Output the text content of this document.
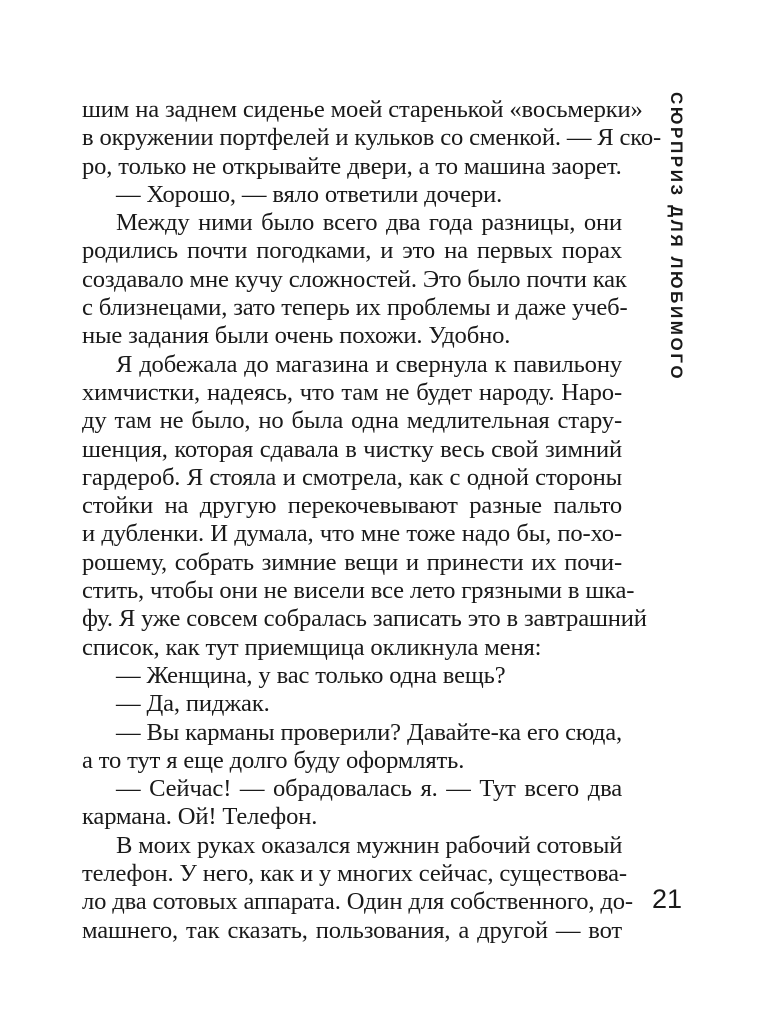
шим на заднем сиденье моей старенькой «восьмерки»
в окружении портфелей и кульков со сменкой. — Я ско-
ро, только не открывайте двери, а то машина заорет.
— Хорошо, — вяло ответили дочери.
Между ними было всего два года разницы, они
родились почти погодками, и это на первых порах
создавало мне кучу сложностей. Это было почти как
с близнецами, зато теперь их проблемы и даже учеб-
ные задания были очень похожи. Удобно.
Я добежала до магазина и свернула к павильону
химчистки, надеясь, что там не будет народу. Наро-
ду там не было, но была одна медлительная стару-
шенция, которая сдавала в чистку весь свой зимний
гардероб. Я стояла и смотрела, как с одной стороны
стойки на другую перекочевывают разные пальто
и дубленки. И думала, что мне тоже надо бы, по-хо-
рошему, собрать зимние вещи и принести их почи-
стить, чтобы они не висели все лето грязными в шка-
фу. Я уже совсем собралась записать это в завтрашний
список, как тут приемщица окликнула меня:
— Женщина, у вас только одна вещь?
— Да, пиджак.
— Вы карманы проверили? Давайте-ка его сюда,
а то тут я еще долго буду оформлять.
— Сейчас! — обрадовалась я. — Тут всего два
кармана. Ой! Телефон.
В моих руках оказался мужнин рабочий сотовый
телефон. У него, как и у многих сейчас, существова-
ло два сотовых аппарата. Один для собственного, до-
машнего, так сказать, пользования, а другой — вот
СЮРПРИЗ ДЛЯ ЛЮБИМОГО
21
